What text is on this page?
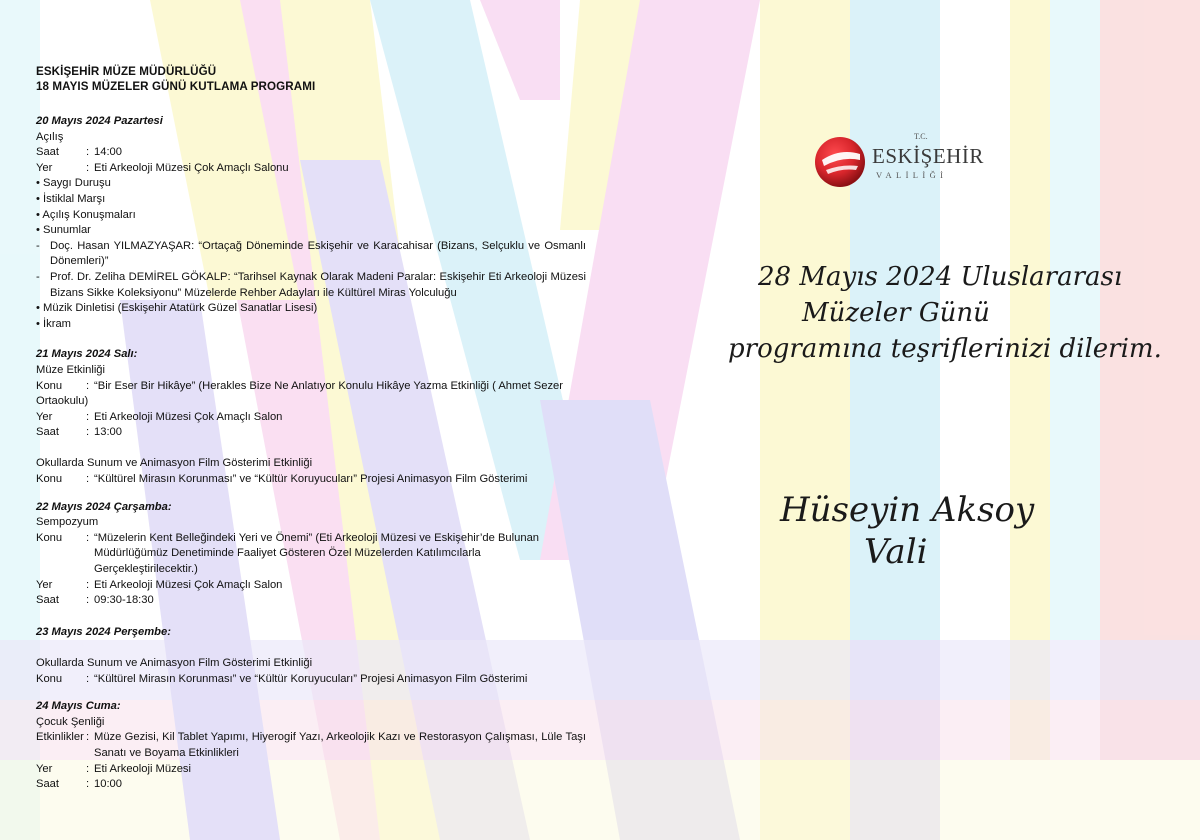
ESKİŞEHİR MÜZE MÜDÜRLÜĞÜ
18 MAYIS MÜZELER GÜNÜ KUTLAMA PROGRAMI
20 Mayıs 2024 Pazartesi
Açılış
Saat	: 14:00
Yer	: Eti Arkeoloji Müzesi Çok Amaçlı Salonu
• Saygı Duruşu
• İstiklal Marşı
• Açılış Konuşmaları
• Sunumlar
- Doç. Hasan YILMAZYAŞAR: “Ortaçağ Döneminde Eskişehir ve Karacahisar (Bizans, Selçuklu ve Osmanlı Dönemleri)”
- Prof. Dr. Zeliha DEMİREL GÖKALP: “Tarihsel Kaynak Olarak Madeni Paralar: Eskişehir Eti Arkeoloji Müzesi Bizans Sikke Koleksiyonu” Müzelerde Rehber Adayları ile Kültürel Miras Yolculuğu
• Müzik Dinletisi (Eskişehir Atatürk Güzel Sanatlar Lisesi)
• İkram
21 Mayıs 2024 Salı:
Müze Etkinliği
Konu	: “Bir Eser Bir Hikâye” (Herakles Bize Ne Anlatıyor Konulu Hikâye Yazma Etkinliği ( Ahmet Sezer
Ortaokulu)
Yer	: Eti Arkeoloji Müzesi Çok Amaçlı Salon
Saat	: 13:00
Okullarda Sunum ve Animasyon Film Gösterimi Etkinliği
Konu	: “Kültürel Mirasın Korunması” ve “Kültür Koruyucuları” Projesi Animasyon Film Gösterimi
22 Mayıs 2024 Çarşamba:
Sempozyum
Konu	: “Müzelerin Kent Belleğindeki Yeri ve Önemi” (Eti Arkeoloji Müzesi ve Eskişehir’de Bulunan Müdürlüğümüz Denetiminde Faaliyet Gösteren Özel Müzelerden Katılımcılarla Gerçekleştirilecektir.)
Yer	: Eti Arkeoloji Müzesi Çok Amaçlı Salon
Saat	: 09:30-18:30
23 Mayıs 2024 Perşembe:
Okullarda Sunum ve Animasyon Film Gösterimi Etkinliği
Konu	: “Kültürel Mirasın Korunması” ve “Kültür Koruyucuları” Projesi Animasyon Film Gösterimi
24 Mayıs Cuma:
Çocuk Şenliği
Etkinlikler : Müze Gezisi, Kil Tablet Yapımı, Hiyerogif Yazı, Arkeolojik Kazı ve Restorasyon Çalışması, Lüle Taşı Sanatı ve Boyama Etkinlikleri
Yer	: Eti Arkeoloji Müzesi
Saat	: 10:00
T.C.
ESKİŞEHİR
VALİLİĞİ
28 Mayıs 2024 Uluslararası
Müzeler Günü
programına teşriflerinizi dilerim.
Hüseyin Aksoy
Vali
